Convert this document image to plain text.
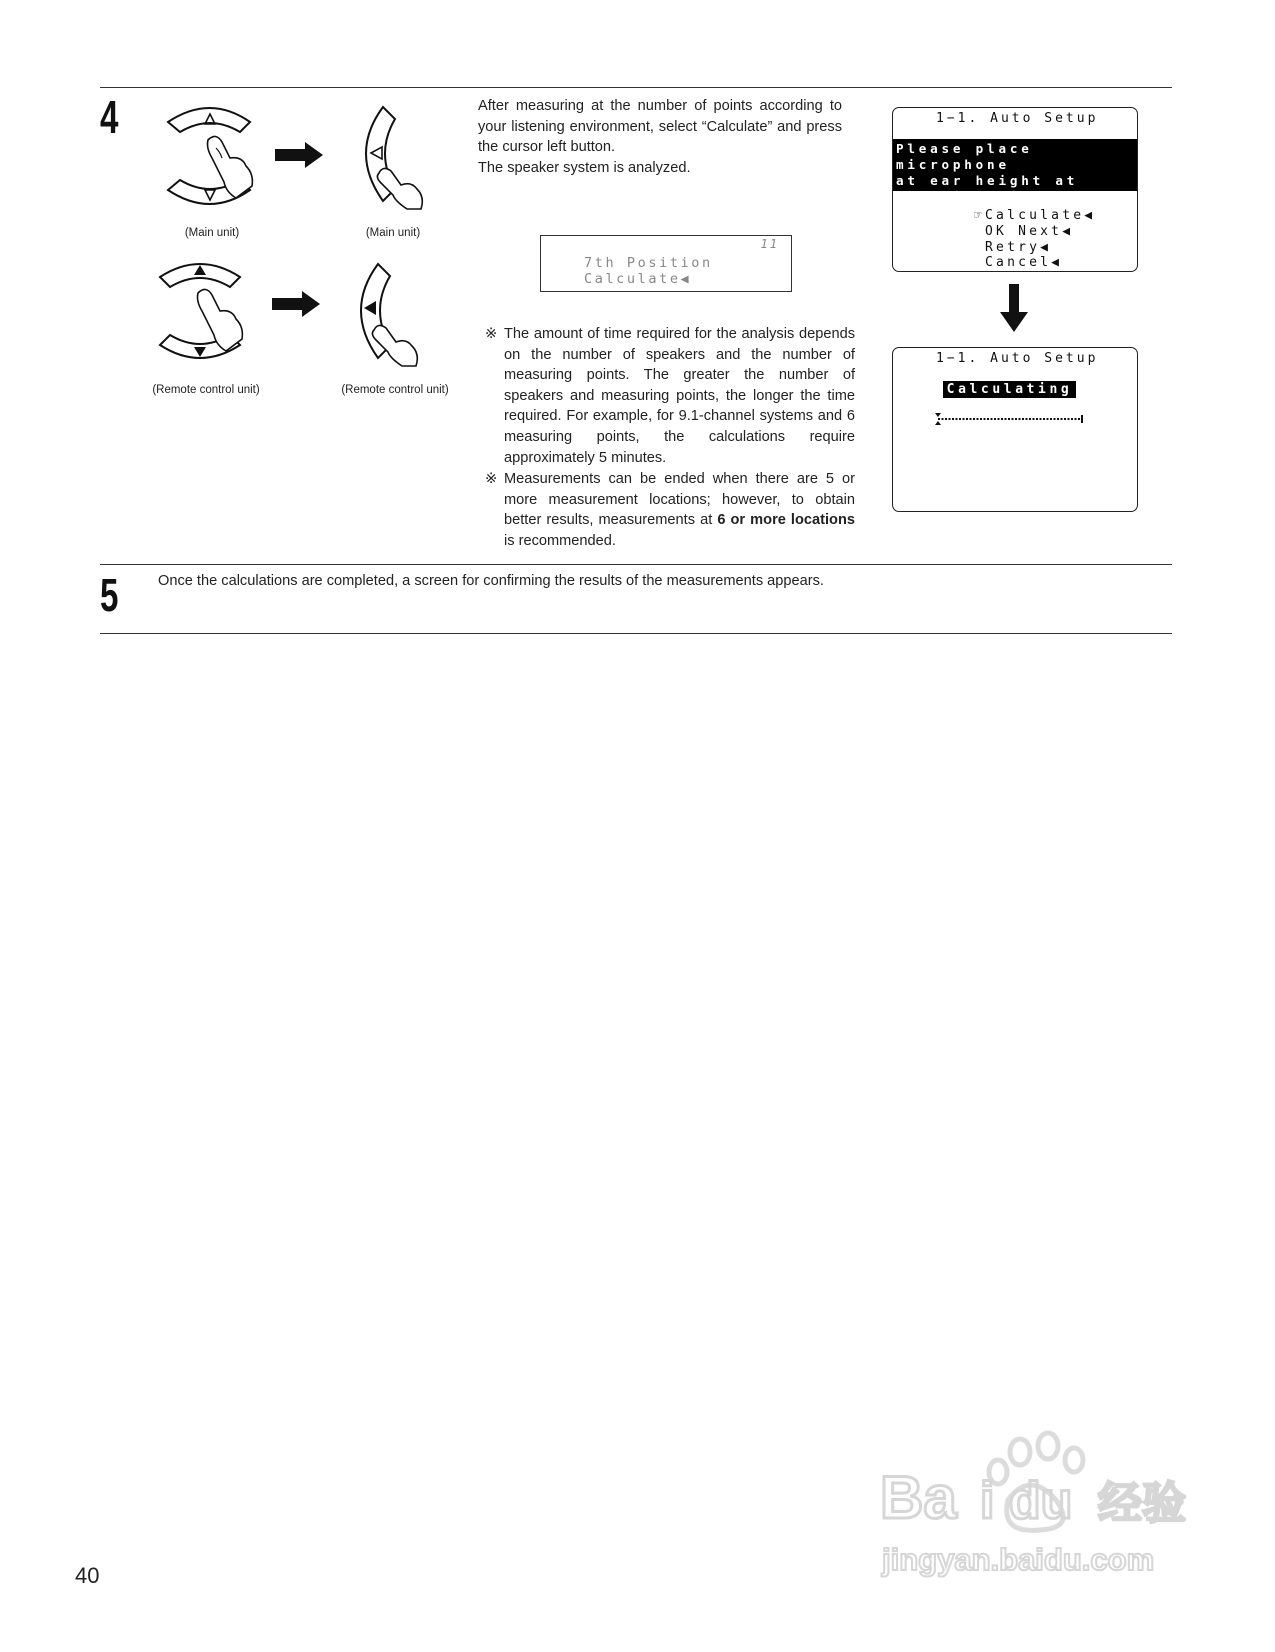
4
(Main unit)	(Main unit)
(Remote control unit)	(Remote control unit)
After measuring at the number of points according to your listening environment, select “Calculate” and press the cursor left button.
The speaker system is analyzed.
11
7th Position
Calculate◀
※ The amount of time required for the analysis depends on the number of speakers and the number of measuring points. The greater the number of speakers and measuring points, the longer the time required. For example, for 9.1-channel systems and 6 measuring points, the calculations require approximately 5 minutes.

※ Measurements can be ended when there are 5 or more measurement locations; however, to obtain better results, measurements at 6 or more locations is recommended.

1−1. Auto Setup
Please place microphone
at ear height at
7th listening position.
☞Calculate◀
OK Next◀
Retry◀
Cancel◀
1−1. Auto Setup
Calculating
5	Once the calculations are completed, a screen for confirming the results of the measurements appears.
40
Ba i du 经验
jingyan.baidu.com
